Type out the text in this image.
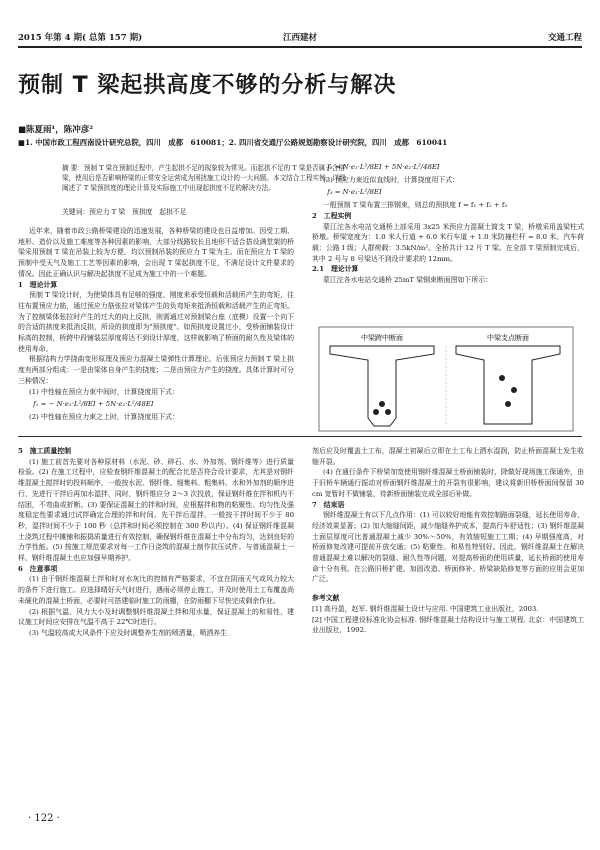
2015 年第 4 期( 总第 157 期)	江西建材	交通工程
预制 T 梁起拱高度不够的分析与解决
■陈夏雨¹，陈冲彦²
■1. 中国市政工程西南设计研究总院，四川　成都　610081；2. 四川省交通厅公路规划勘察设计研究院，四川　成都　610041
摘 要：预制 T 梁在预制过程中，产生起拱不足的现象较为常见。而起拱不足的 T 梁是否属于合格梁，使用后是否影响桥梁的正常安全运营成为困扰施工设计的一大问题。本文结合工程实例，详细阐述了 T 梁预拱度的理论计算及实际施工中出现起拱度不足的解决方法。
关键词：预应力 T 梁　预拱度　起拱不足

近年来，随着市政公路桥梁建设的迅速发展，各种桥梁的建设也日益增加。因受工期、地形、造价以及施工难度等各种因素的影响，大部分线路较长且地形不适合搭设满堂架的桥梁采用预制 T 梁在吊装上较为方便，均以预制吊装的预应力 T 梁为主。而在预应力 T 梁的预制中受天气及施工工艺等因素的影响，会出现 T 梁起拱度不足，不满足设计文件要求的情况。因此正确认识与解决起拱度不足成为施工中的一个难题。

1　理论计算

预制 T 梁设计时，为使梁体具有足够的强度、刚度来承受恒载和活载所产生的弯矩，往往布置预应力筋，通过预应力筋张拉对梁体产生的负弯矩来抵消恒载和活载产生的正弯矩。为了控制梁体张拉时产生的过大的向上反拱，则需通过对预制梁台座（底模）设置一个向下的合适的拱度来抵消反拱，所设的拱度即为"预拱度"。如预拱度设置过小，受桥面铺装设计标高的控制，桥跨中段铺装层厚度将达不到设计厚度，这样就影响了桥面的耐久性及梁体的使用寿命。

根据结构力学挠曲变形原理及预应力混凝土梁弹性计算理论，后张预应力预制 T 梁上拱度有两部分组成：一是由梁体自身产生的挠度；二是由预应力产生的挠度。具体计算时可分三种情况：

(1) 中性轴在预应力束中间时，计算挠度用下式：

f₁ = − N·e₁·L²/8EI + 5N·e₂·L²/48EI

(2) 中性轴在预应力束之上时，计算挠度用下式：

f₂ = N·e₁·L²/8EI + 5N·e₂·L²/48EI

(3) 预应力束近似直线时，计算挠度用下式：

f₃ = N·e₁·L²/8EI

一般预制 T 梁布置三排钢束，则总的预拱度 f = f₁ + f₂ + f₃

2　工程实例

蒙江沱各水电站交通桥上部采用 3x25 米预应力混凝土简支 T 梁，桥墩采用盖梁柱式桥墩。桥梁宽度为：1.0 米人行道 + 6.0 米行车道 + 1.0 米防撞栏杆 = 8.0 米。汽车荷载：公路 I 级；人群荷载：3.5kN/m²。全桥共计 12 片 T 梁。在全部 T 梁预制完成后，其中 2 号与 8 号梁达不到设计要求的 12mm。

2.1　理论计算

蒙江沱各水电站交通桥 25mT 梁钢束断面图如下所示：

中梁跨中断面	中梁支点断面

5　施工质量控制

(1) 施工前首先要对各种原材料（水泥、砂、碎石、水、外加剂、钢纤维等）进行质量检验。(2) 在施工过程中，应检查钢纤维混凝土的配合比是否符合设计要求，尤其是对钢纤维混凝土搅拌时的投料顺序，一般按水泥、钢纤维、细集料、粗集料、水和外加剂的顺序进行，先进行干拌后再加水湿拌，同时，钢纤维应分 2～3 次投放，保证钢纤维在拌和机内不结团，不弯曲或折断。(3) 要保证混凝土的拌和时间，应根据拌和物的粘聚性、均匀性及强度稳定性要求通过试拌确定合理的拌和时间。先干拌后湿拌，一般按干拌时间不少于 80 秒，湿拌时间不少于 100 秒（总拌和时间必须控制在 300 秒以内）。(4) 保证钢纤维混凝土浇筑过程中摊铺和振捣质量进行有效控制，确保钢纤维在混凝土中分布均匀，达到良好的力学性能。(5) 按施工规范要求对每一工作日浇筑的混凝土制作抗压试件。与普通混凝土一样，钢纤维混凝土也应加强早期养护。

6　注意事项

(1) 由于钢纤维混凝土拌和时对水灰比的控制有严格要求，不宜在阴雨天气或风力较大的条件下进行施工。应选择晴好天气时进行，遇雨必须停止施工，并及时使用土工布覆盖尚未硬化的混凝土桥面，必要时可搭建临时施工防雨棚，在防雨棚下尽快完成剩余作业。

(2) 根据气温、风力大小及时调整钢纤维混凝土拌和用水量，保证混凝土的和易性，建议施工时间应安排在气温不高于 22℃时进行。

(3) 气温较高或大风条件下应及时调整养生剂的喷洒量，喷洒养生

剂后应及时覆盖土工布，混凝土初凝后立即在土工布上洒水湿润，防止桥面混凝土发生收缩开裂。

(4) 在通行条件下桥梁加宽使用钢纤维混凝土桥面铺装时，除做好现场施工保通外，由于旧桥车辆通行振动对桥面钢纤维混凝土的开裂有很影响，建议将新旧桥桥面间保留 30 cm 宽暂时不做铺装，待新桥面铺装完成全部后补做。

7　结束语

钢纤维混凝土有以下几点作用：(1) 可以较好地能有效控制路面裂缝，延长使用寿命，经济效果显著；(2) 加大缩缝间距，减少缩缝养护成本，提高行车舒适性；(3) 钢纤维混凝土面层厚度可比普通混凝土减少 30%～50%，有效缩短施工工期；(4) 早期强度高，对桥面修复改建可提前开放交通；(5) 粘聚性、和易性特别好。因此，钢纤维混凝土在解决普通混凝土难以解决的裂缝、耐久性等问题，对提高桥面的使用质量，延长桥面的使用寿命十分有利。在公路旧桥扩建、加固改造、桥面修补、桥梁缺陷修复等方面的应用会更加广泛。

参考文献

[1] 高丹盈，赵军. 钢纤维混凝土设计与应用. 中国建筑工业出版社，2003.

[2] 中国工程建设标准化协会标准. 钢纤维混凝土结构设计与施工规程. 北京：中国建筑工业出版社，1992.

· 122 ·
